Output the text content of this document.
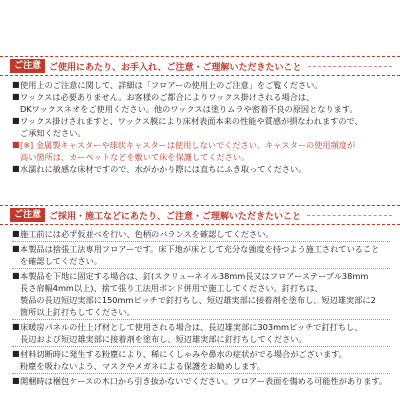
ご注意 ご使用にあたり、お手入れ、ご注意・ご理解いただきたいこと
■ 使用上のご注意に関して、詳細は「フロアーの使用上のご注意」をご覧ください。
■ ワックスは必要ありません。お客様のご都合によりワックス掛けされる場合は、
DKワックスネオをご使用ください。他のワックスは塗りムラや密着不良の原因となります。
■ ワックス掛けされますと、ワックス膜により床材表面本来の性能や質感が損なわれますので、
ご承知ください。
■ [※] 金属製キャスターや球状キャスターは使用しないでください。キャスターの使用頻度が
高い箇所は、カーペットなどを敷いて床を保護してください。
■ 水濡れに敏感な床材ですので、水がかかり際には直ちにふき取ってください。
ご注意 ご採用・施工などにあたり、ご注意・ご理解いただきたいこと
■ 施工前には必ず仮並べを行い、色柄のバランスを確認してください。
■ 本製品は捨張工法専用フロアーです。床下地が床として充分な強度を持つよう施工されていること
を確認してください。
■ 本製品を下地に固定する場合は、釘(スクリューネイル38mm長又はフロアーステープル38mm
長さ肩幅4mm以上)、捨て張り工法用ボンド併用で施工してください。釘打ちは、
製品の長辺短辺実部に150mmピッチで釘打ちし、短辺雄実部に接着剤を塗布し、短辺雄実部に2
箇所以上釘打ちしてください。
■ 床暖房パネルの仕上げ材として使用される場合は、長辺雄実部に303mmピッチで釘打ちし、
長辺および短辺雄実部に接着剤を塗布し、短辺雄実部に釘打ちしてください。
■ 材料切断時に発生する粉塵により、稀にくしゃみや鼻水の症状がでる場合がございます。
粉塵を吸わないよう、マスクやメガネによる保護をお勧めします。
■ 開梱時は梱包ケースの木口から引き抜かないでください。フロアー表面を傷める可能性があります。
